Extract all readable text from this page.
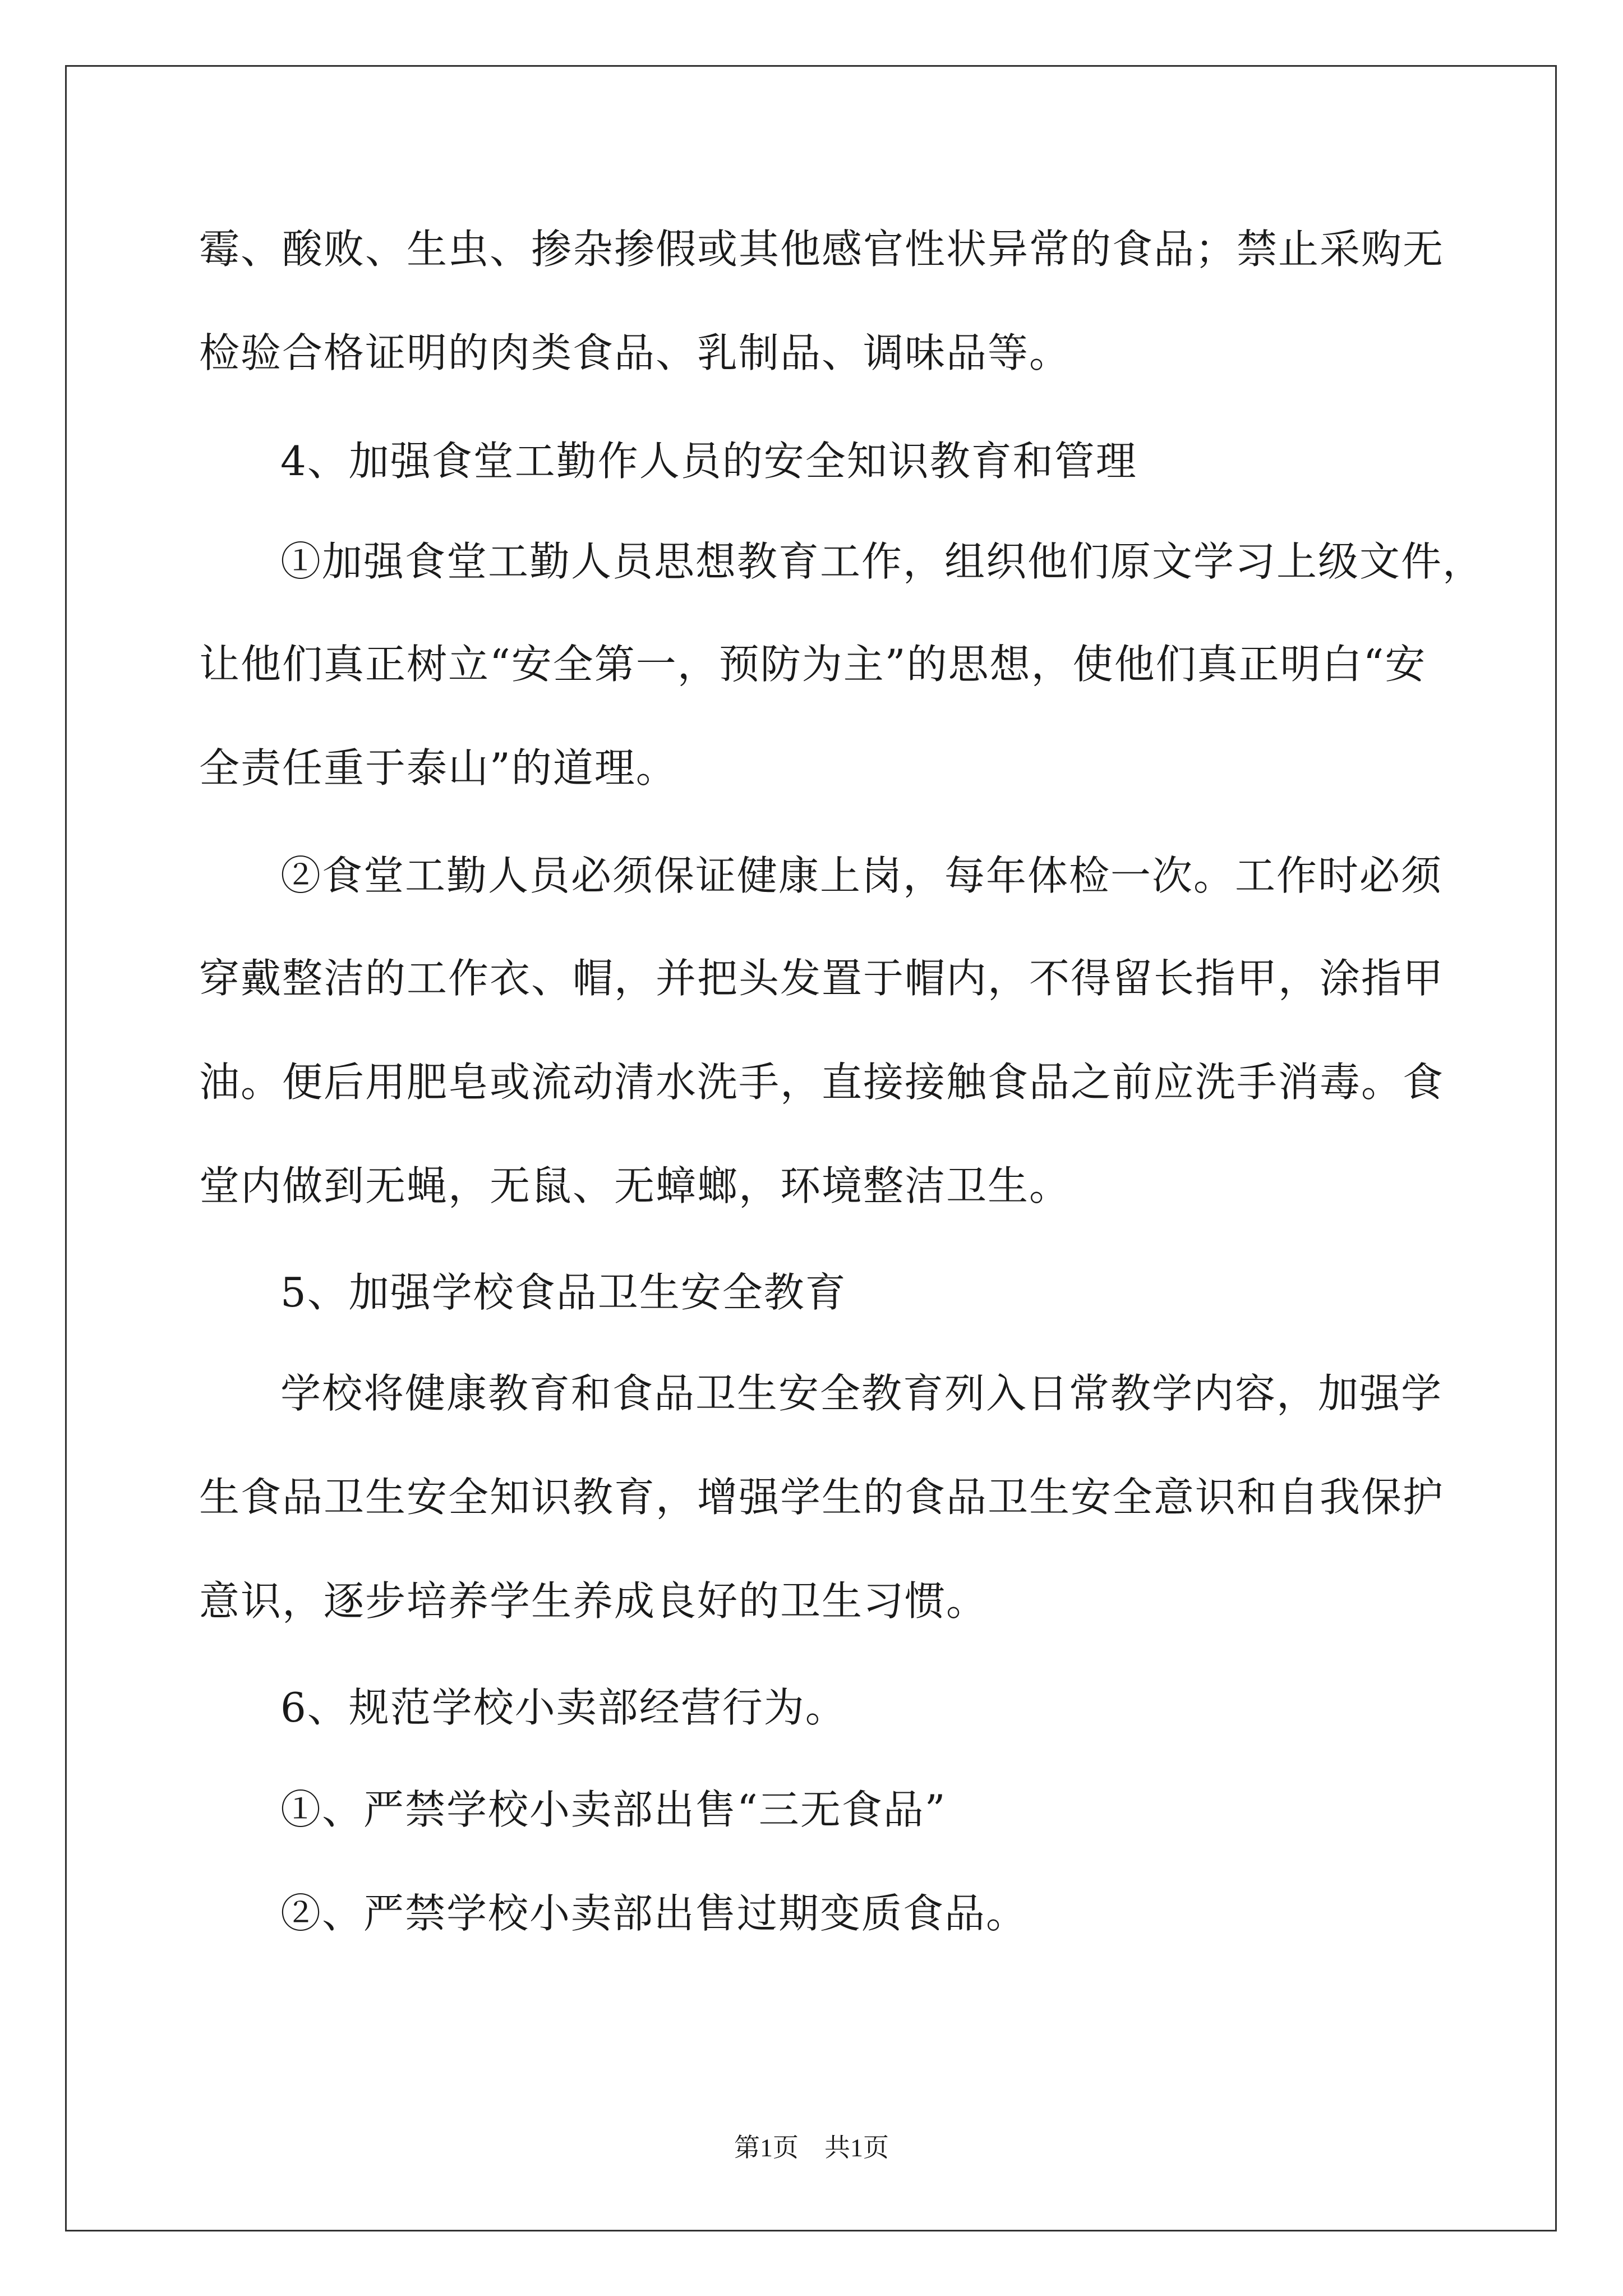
霉、酸败、生虫、掺杂掺假或其他感官性状异常的食品；禁止采购无

检验合格证明的肉类食品、乳制品、调味品等。

4、加强食堂工勤作人员的安全知识教育和管理

①加强食堂工勤人员思想教育工作，组织他们原文学习上级文件，

让他们真正树立“安全第一，预防为主”的思想，使他们真正明白“安

全责任重于泰山”的道理。

②食堂工勤人员必须保证健康上岗，每年体检一次。工作时必须

穿戴整洁的工作衣、帽，并把头发置于帽内，不得留长指甲，涂指甲

油。便后用肥皂或流动清水洗手，直接接触食品之前应洗手消毒。食

堂内做到无蝇，无鼠、无蟑螂，环境整洁卫生。

5、加强学校食品卫生安全教育

学校将健康教育和食品卫生安全教育列入日常教学内容，加强学

生食品卫生安全知识教育，增强学生的食品卫生安全意识和自我保护

意识，逐步培养学生养成良好的卫生习惯。

6、规范学校小卖部经营行为。

①、严禁学校小卖部出售“三无食品”

②、严禁学校小卖部出售过期变质食品。

第1页　共1页
